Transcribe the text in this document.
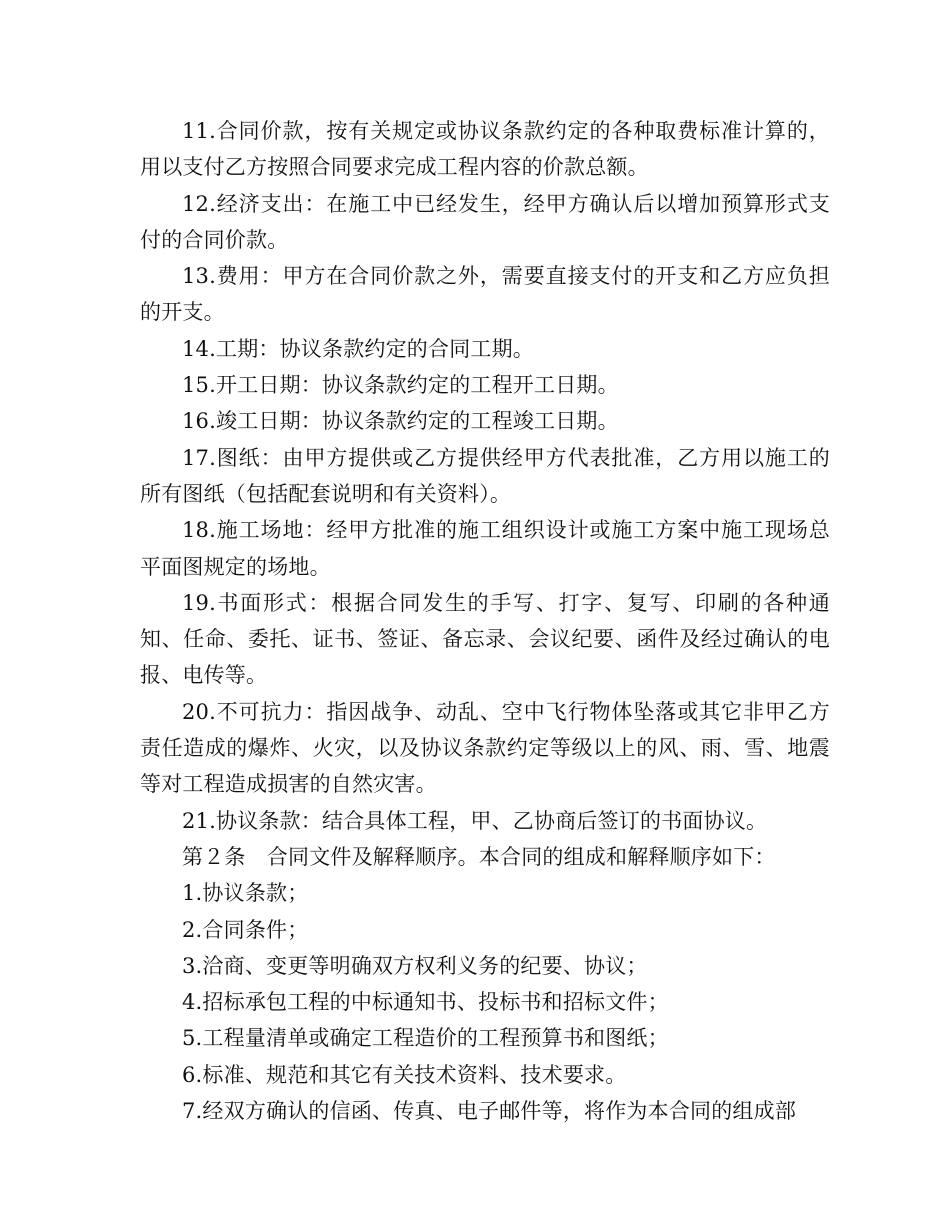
11.合同价款，按有关规定或协议条款约定的各种取费标准计算的，用以支付乙方按照合同要求完成工程内容的价款总额。

12.经济支出：在施工中已经发生，经甲方确认后以增加预算形式支付的合同价款。

13.费用：甲方在合同价款之外，需要直接支付的开支和乙方应负担的开支。

14.工期：协议条款约定的合同工期。

15.开工日期：协议条款约定的工程开工日期。

16.竣工日期：协议条款约定的工程竣工日期。

17.图纸：由甲方提供或乙方提供经甲方代表批准，乙方用以施工的所有图纸（包括配套说明和有关资料）。

18.施工场地：经甲方批准的施工组织设计或施工方案中施工现场总平面图规定的场地。

19.书面形式：根据合同发生的手写、打字、复写、印刷的各种通知、任命、委托、证书、签证、备忘录、会议纪要、函件及经过确认的电报、电传等。

20.不可抗力：指因战争、动乱、空中飞行物体坠落或其它非甲乙方责任造成的爆炸、火灾，以及协议条款约定等级以上的风、雨、雪、地震等对工程造成损害的自然灾害。

21.协议条款：结合具体工程，甲、乙协商后签订的书面协议。

第２条　合同文件及解释顺序。本合同的组成和解释顺序如下：

1.协议条款；

2.合同条件；

3.洽商、变更等明确双方权利义务的纪要、协议；

4.招标承包工程的中标通知书、投标书和招标文件；

5.工程量清单或确定工程造价的工程预算书和图纸；

6.标准、规范和其它有关技术资料、技术要求。

7.经双方确认的信函、传真、电子邮件等，将作为本合同的组成部
